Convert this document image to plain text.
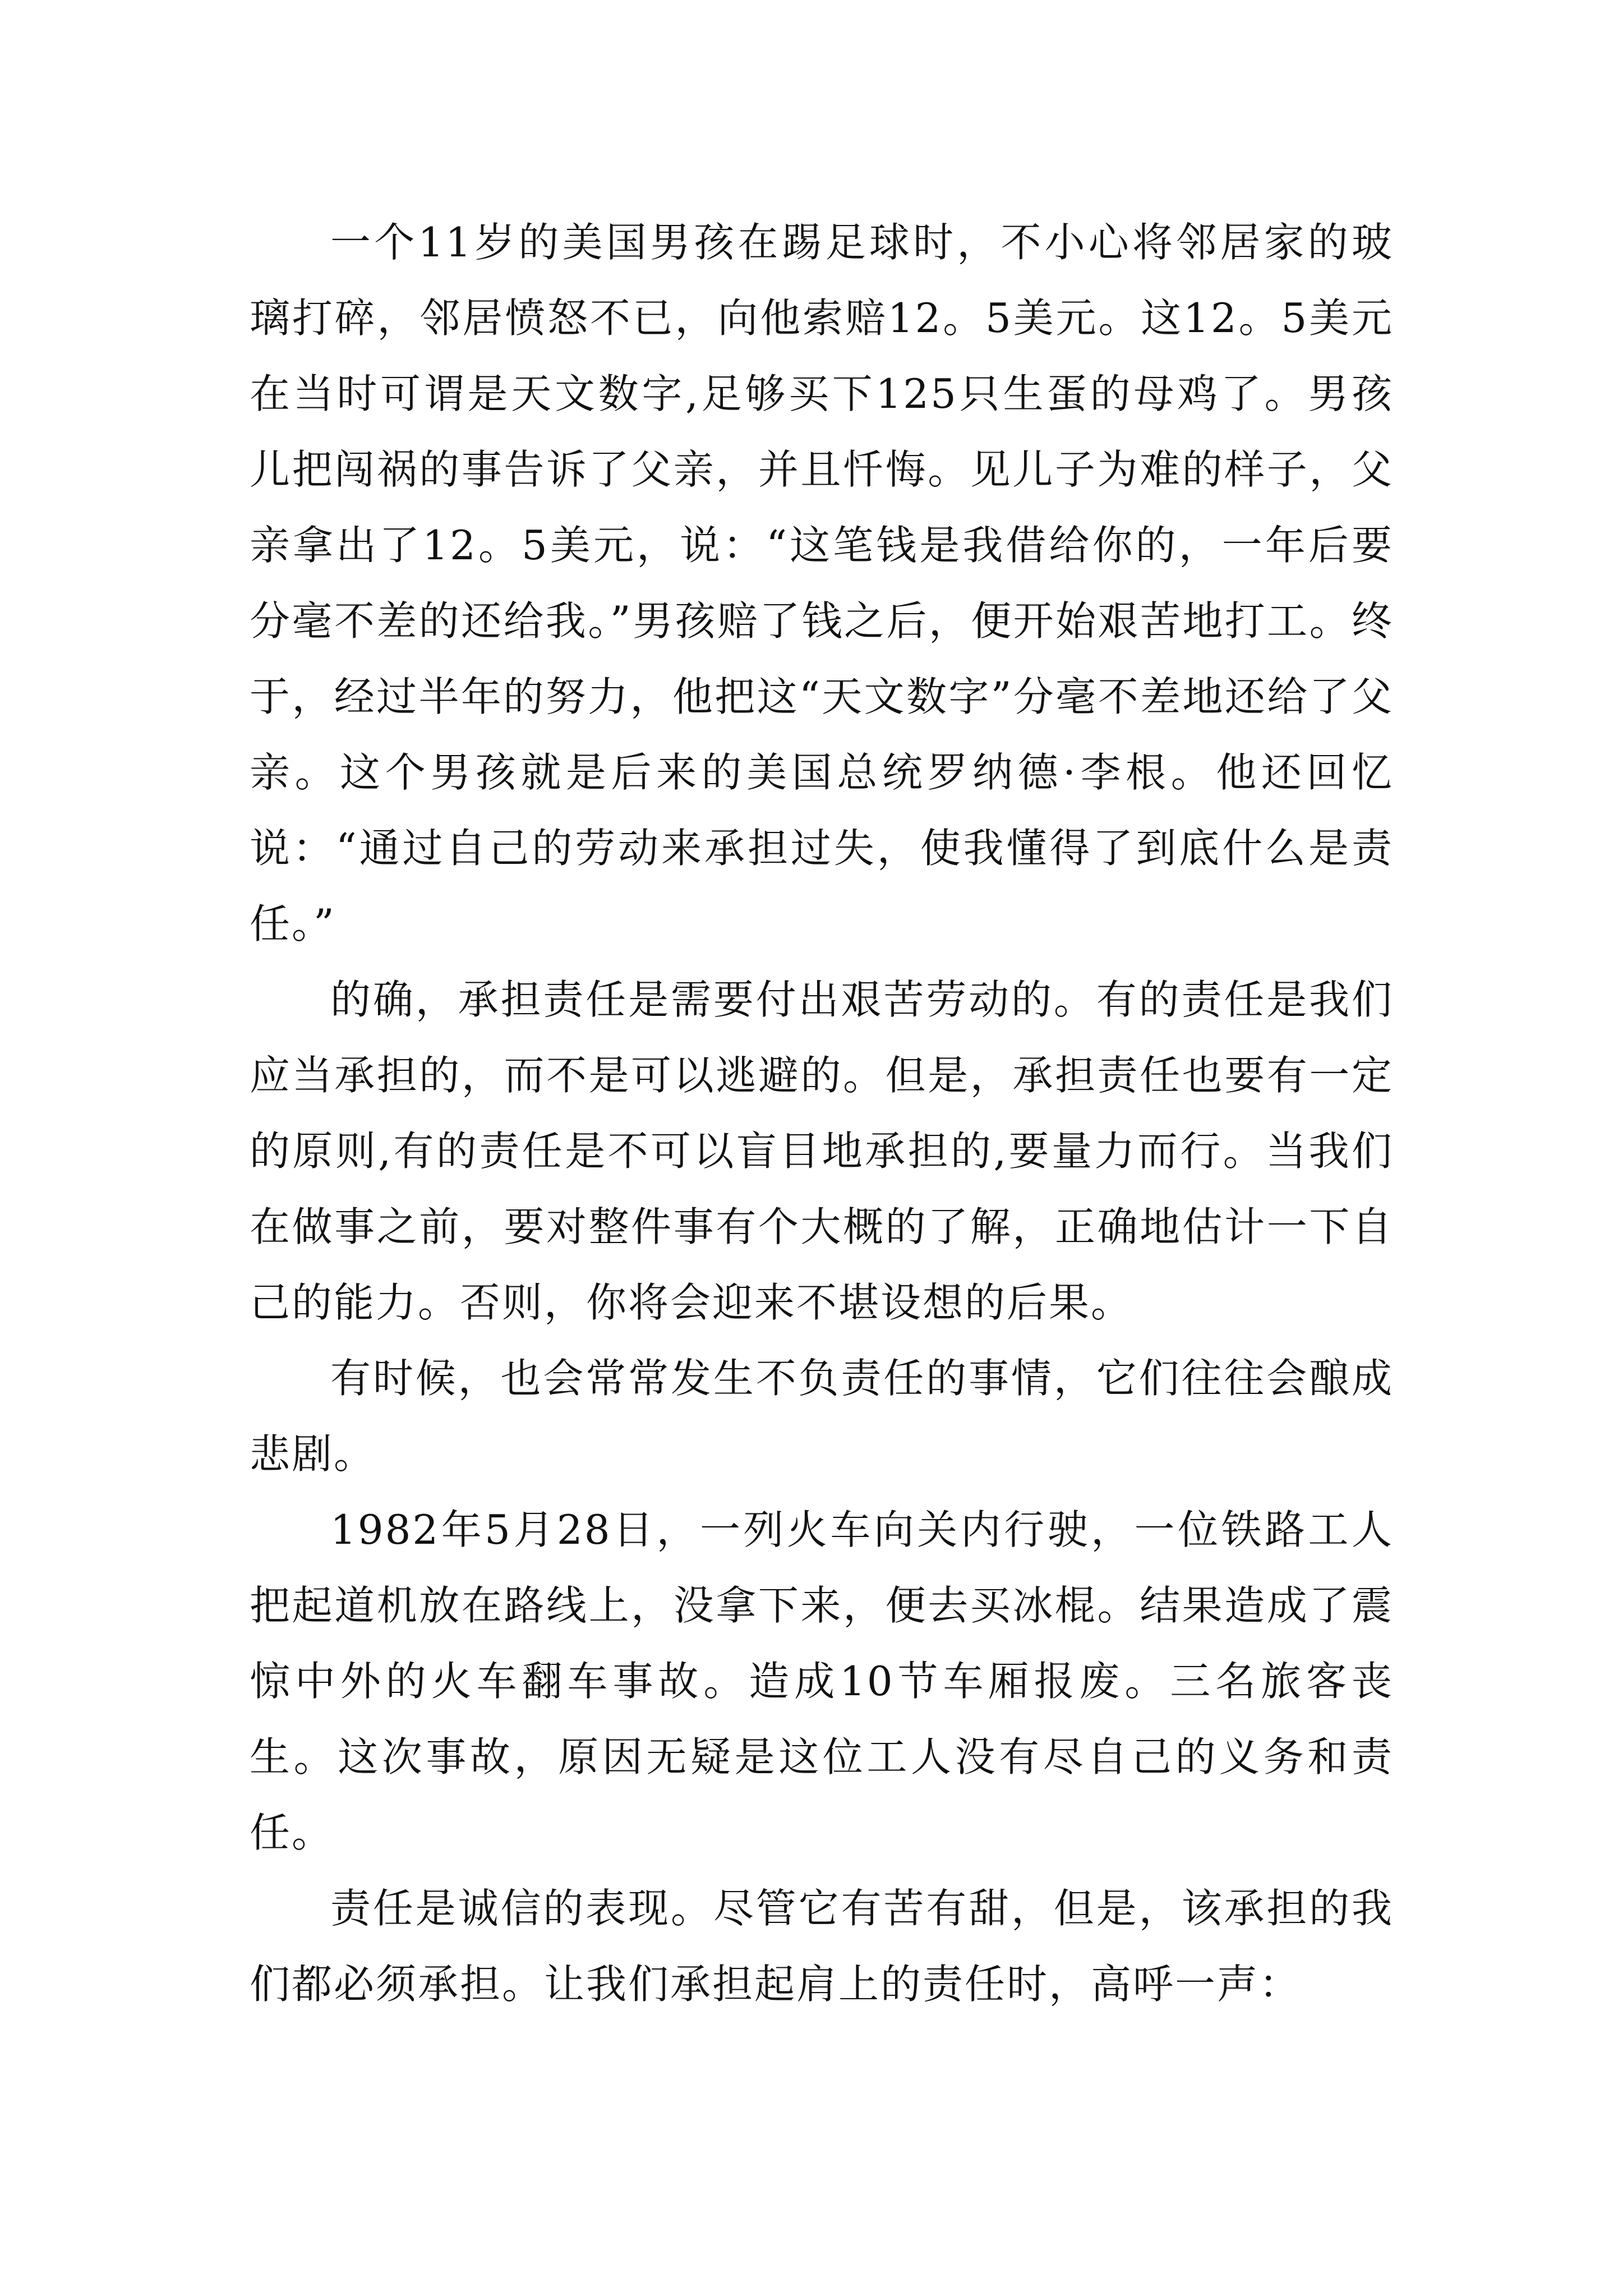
一个11岁的美国男孩在踢足球时，不小心将邻居家的玻璃打碎，邻居愤怒不已，向他索赔12。5美元。这12。5美元在当时可谓是天文数字,足够买下125只生蛋的母鸡了。男孩儿把闯祸的事告诉了父亲，并且忏悔。见儿子为难的样子，父亲拿出了12。5美元，说：“这笔钱是我借给你的，一年后要分毫不差的还给我。”男孩赔了钱之后，便开始艰苦地打工。终于，经过半年的努力，他把这“天文数字”分毫不差地还给了父亲。这个男孩就是后来的美国总统罗纳德·李根。他还回忆说：“通过自己的劳动来承担过失，使我懂得了到底什么是责任。”

的确，承担责任是需要付出艰苦劳动的。有的责任是我们应当承担的，而不是可以逃避的。但是，承担责任也要有一定的原则,有的责任是不可以盲目地承担的,要量力而行。当我们在做事之前，要对整件事有个大概的了解，正确地估计一下自己的能力。否则，你将会迎来不堪设想的后果。

有时候，也会常常发生不负责任的事情，它们往往会酿成悲剧。

1982年5月28日，一列火车向关内行驶，一位铁路工人把起道机放在路线上，没拿下来，便去买冰棍。结果造成了震惊中外的火车翻车事故。造成10节车厢报废。三名旅客丧生。这次事故，原因无疑是这位工人没有尽自己的义务和责任。

责任是诚信的表现。尽管它有苦有甜，但是，该承担的我们都必须承担。让我们承担起肩上的责任时，高呼一声：
